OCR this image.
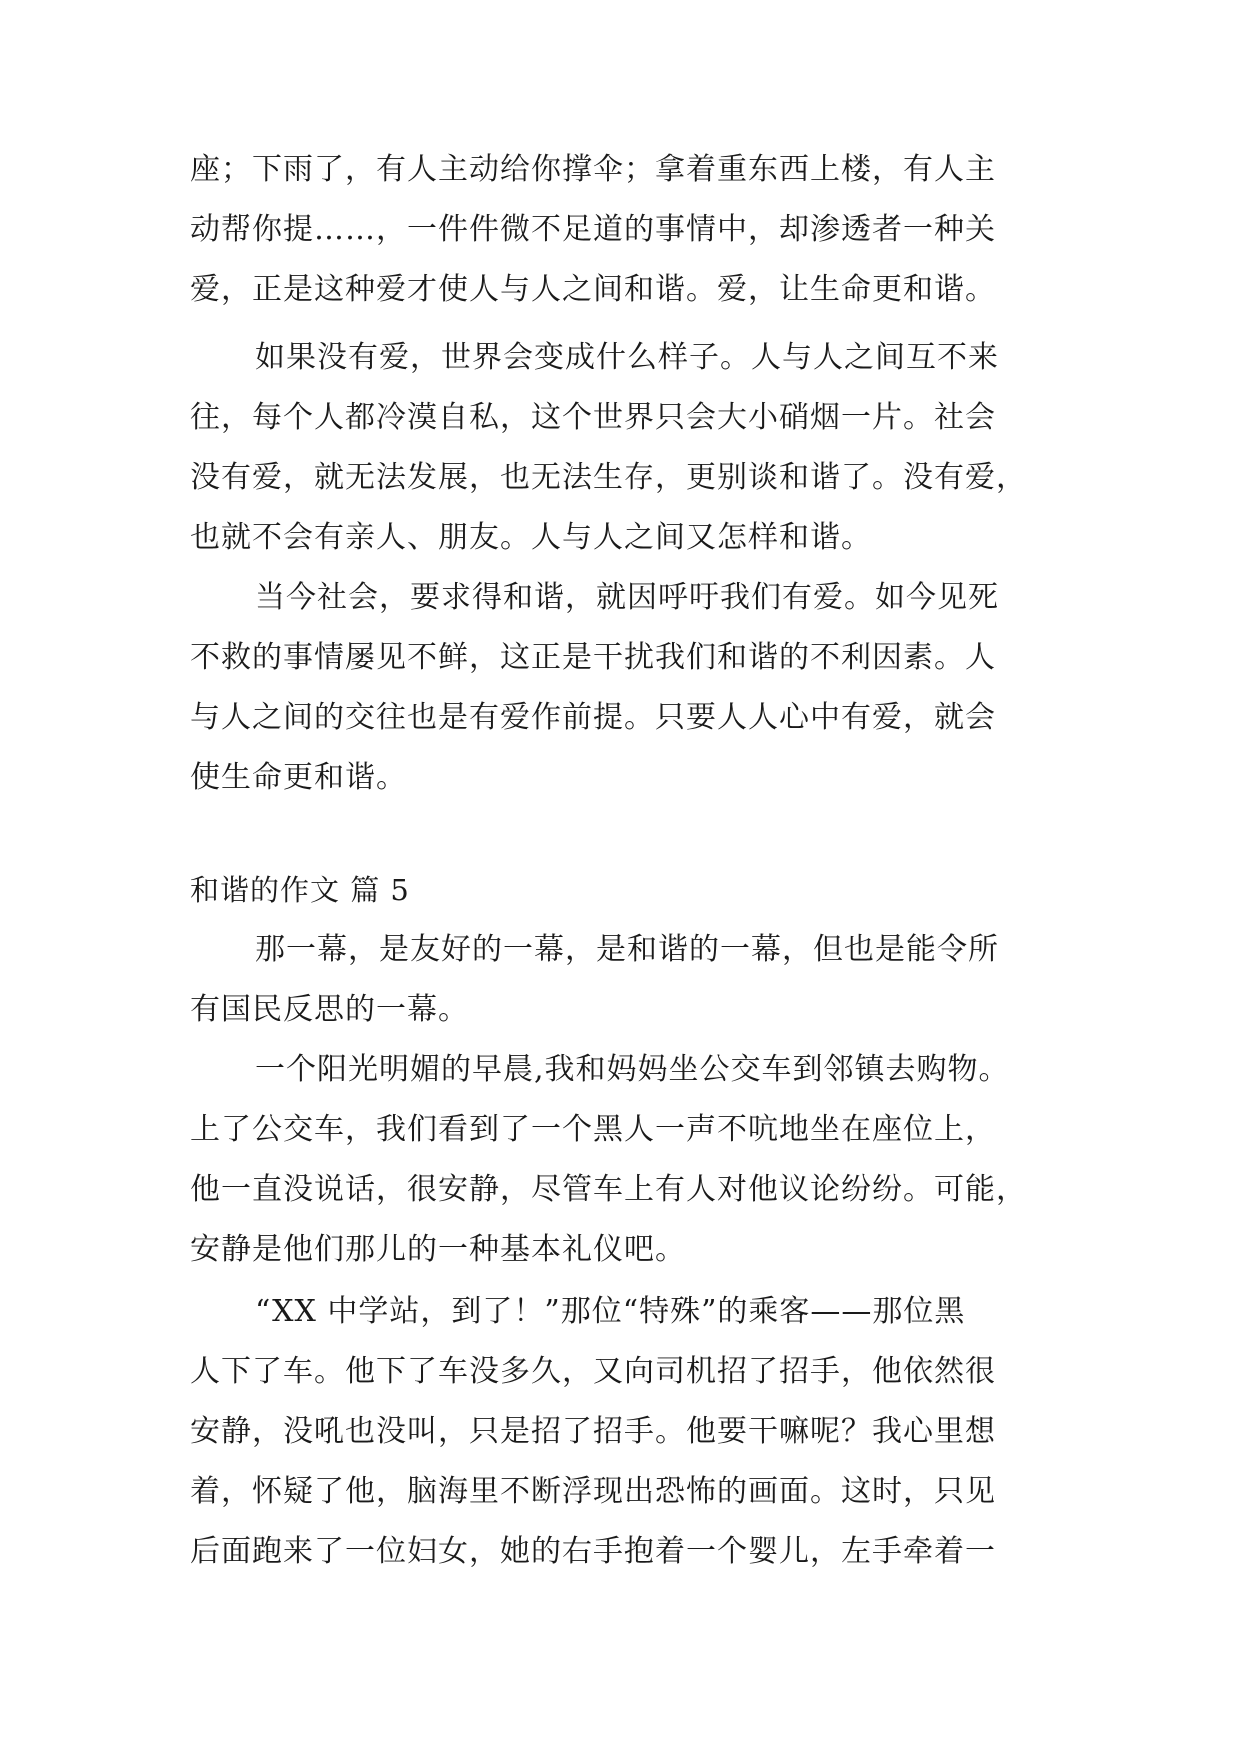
座；下雨了，有人主动给你撑伞；拿着重东西上楼，有人主
动帮你提……，一件件微不足道的事情中，却渗透者一种关
爱，正是这种爱才使人与人之间和谐。爱，让生命更和谐。
如果没有爱，世界会变成什么样子。人与人之间互不来
往，每个人都冷漠自私，这个世界只会大小硝烟一片。社会
没有爱，就无法发展，也无法生存，更别谈和谐了。没有爱，
也就不会有亲人、朋友。人与人之间又怎样和谐。
当今社会，要求得和谐，就因呼吁我们有爱。如今见死
不救的事情屡见不鲜，这正是干扰我们和谐的不利因素。人
与人之间的交往也是有爱作前提。只要人人心中有爱，就会
使生命更和谐。
和谐的作文 篇 5
那一幕，是友好的一幕，是和谐的一幕，但也是能令所
有国民反思的一幕。
一个阳光明媚的早晨,我和妈妈坐公交车到邻镇去购物。
上了公交车，我们看到了一个黑人一声不吭地坐在座位上，
他一直没说话，很安静，尽管车上有人对他议论纷纷。可能，
安静是他们那儿的一种基本礼仪吧。
“XX 中学站，到了！”那位“特殊”的乘客——那位黑
人下了车。他下了车没多久，又向司机招了招手，他依然很
安静，没吼也没叫，只是招了招手。他要干嘛呢？我心里想
着，怀疑了他，脑海里不断浮现出恐怖的画面。这时，只见
后面跑来了一位妇女，她的右手抱着一个婴儿，左手牵着一
